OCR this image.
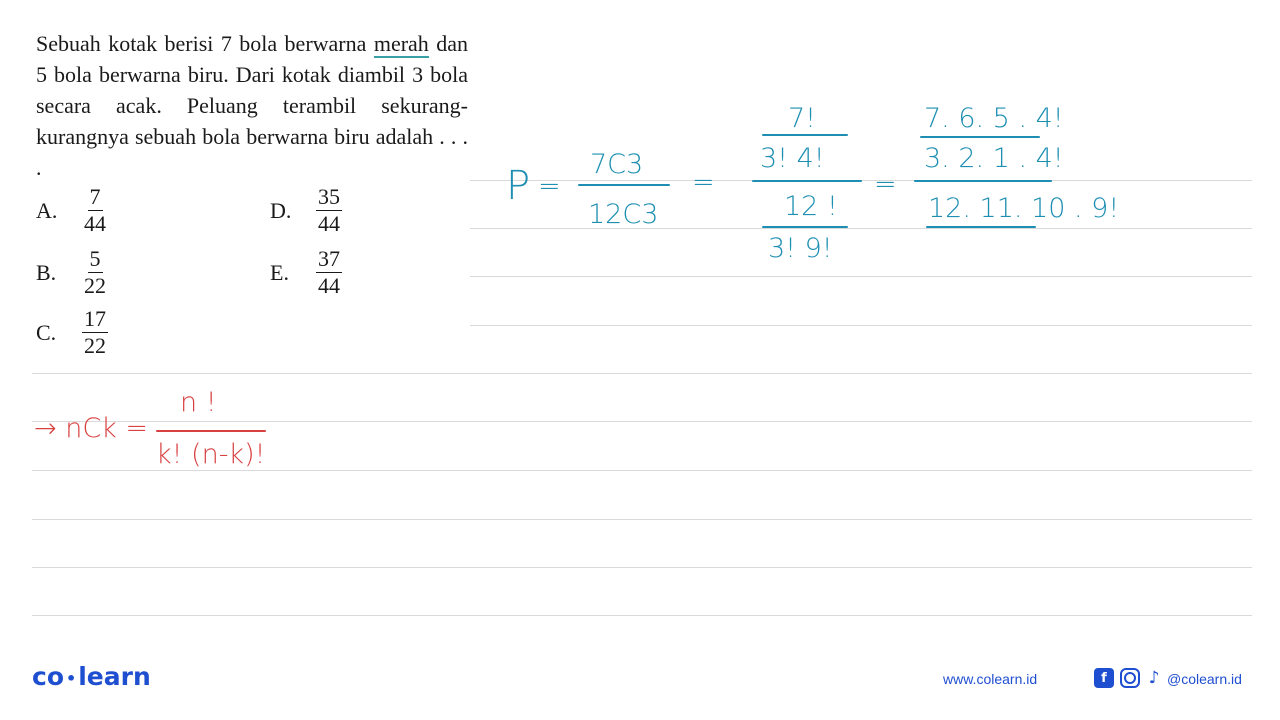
Sebuah kotak berisi 7 bola berwarna merah dan 5 bola berwarna biru. Dari kotak diambil 3 bola secara acak. Peluang terambil sekurang-kurangnya sebuah bola berwarna biru adalah . . . .
A.	$\frac{7}{44}$
B.	$\frac{5}{22}$
C.	$\frac{17}{22}$
D.	$\frac{35}{44}$
E.	$\frac{37}{44}$
P =
7C3
12C3
=
7!
3! 4!
12 !
3! 9!
=
7. 6. 5 . 4!
3. 2. 1 . 4!
12. 11. 10 . 9!
→ nCk =
n !
k! (n-k)!
co •learn	www.colearn.id	f	♪ @colearn.id
